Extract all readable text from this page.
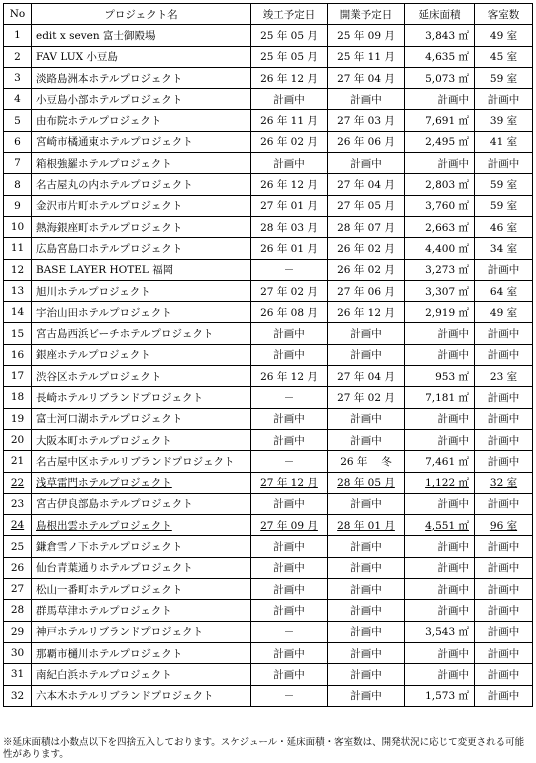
No	プロジェクト名	竣工予定日	開業予定日	延床面積	客室数
1	edit x seven 富士御殿場	25 年 05 月	25 年 09 月	3,843 ㎡	49 室
2	FAV LUX 小豆島	25 年 05 月	25 年 11 月	4,635 ㎡	45 室
3	淡路島洲本ホテルプロジェクト	26 年 12 月	27 年 04 月	5,073 ㎡	59 室
4	小豆島小部ホテルプロジェクト	計画中	計画中	計画中	計画中
5	由布院ホテルプロジェクト	26 年 11 月	27 年 03 月	7,691 ㎡	39 室
6	宮崎市橘通東ホテルプロジェクト	26 年 02 月	26 年 06 月	2,495 ㎡	41 室
7	箱根強羅ホテルプロジェクト	計画中	計画中	計画中	計画中
8	名古屋丸の内ホテルプロジェクト	26 年 12 月	27 年 04 月	2,803 ㎡	59 室
9	金沢市片町ホテルプロジェクト	27 年 01 月	27 年 05 月	3,760 ㎡	59 室
10	熱海銀座町ホテルプロジェクト	28 年 03 月	28 年 07 月	2,663 ㎡	46 室
11	広島宮島口ホテルプロジェクト	26 年 01 月	26 年 02 月	4,400 ㎡	34 室
12	BASE LAYER HOTEL 福岡	－	26 年 02 月	3,273 ㎡	計画中
13	旭川ホテルプロジェクト	27 年 02 月	27 年 06 月	3,307 ㎡	64 室
14	宇治山田ホテルプロジェクト	26 年 08 月	26 年 12 月	2,919 ㎡	49 室
15	宮古島西浜ビーチホテルプロジェクト	計画中	計画中	計画中	計画中
16	銀座ホテルプロジェクト	計画中	計画中	計画中	計画中
17	渋谷区ホテルプロジェクト	26 年 12 月	27 年 04 月	953 ㎡	23 室
18	長崎ホテルリブランドプロジェクト	－	27 年 02 月	7,181 ㎡	計画中
19	富士河口湖ホテルプロジェクト	計画中	計画中	計画中	計画中
20	大阪本町ホテルプロジェクト	計画中	計画中	計画中	計画中
21	名古屋中区ホテルリブランドプロジェクト	－	26 年　 冬	7,461 ㎡	計画中
22	浅草雷門ホテルプロジェクト	27 年 12 月	28 年 05 月	1,122 ㎡	32 室
23	宮古伊良部島ホテルプロジェクト	計画中	計画中	計画中	計画中
24	島根出雲ホテルプロジェクト	27 年 09 月	28 年 01 月	4,551 ㎡	96 室
25	鎌倉雪ノ下ホテルプロジェクト	計画中	計画中	計画中	計画中
26	仙台青葉通りホテルプロジェクト	計画中	計画中	計画中	計画中
27	松山一番町ホテルプロジェクト	計画中	計画中	計画中	計画中
28	群馬草津ホテルプロジェクト	計画中	計画中	計画中	計画中
29	神戸ホテルリブランドプロジェクト	－	計画中	3,543 ㎡	計画中
30	那覇市樋川ホテルプロジェクト	計画中	計画中	計画中	計画中
31	南紀白浜ホテルプロジェクト	計画中	計画中	計画中	計画中
32	六本木ホテルリブランドプロジェクト	－	計画中	1,573 ㎡	計画中
※延床面積は小数点以下を四捨五入しております。スケジュール・延床面積・客室数は、開発状況に応じて変更される可能性があります。
